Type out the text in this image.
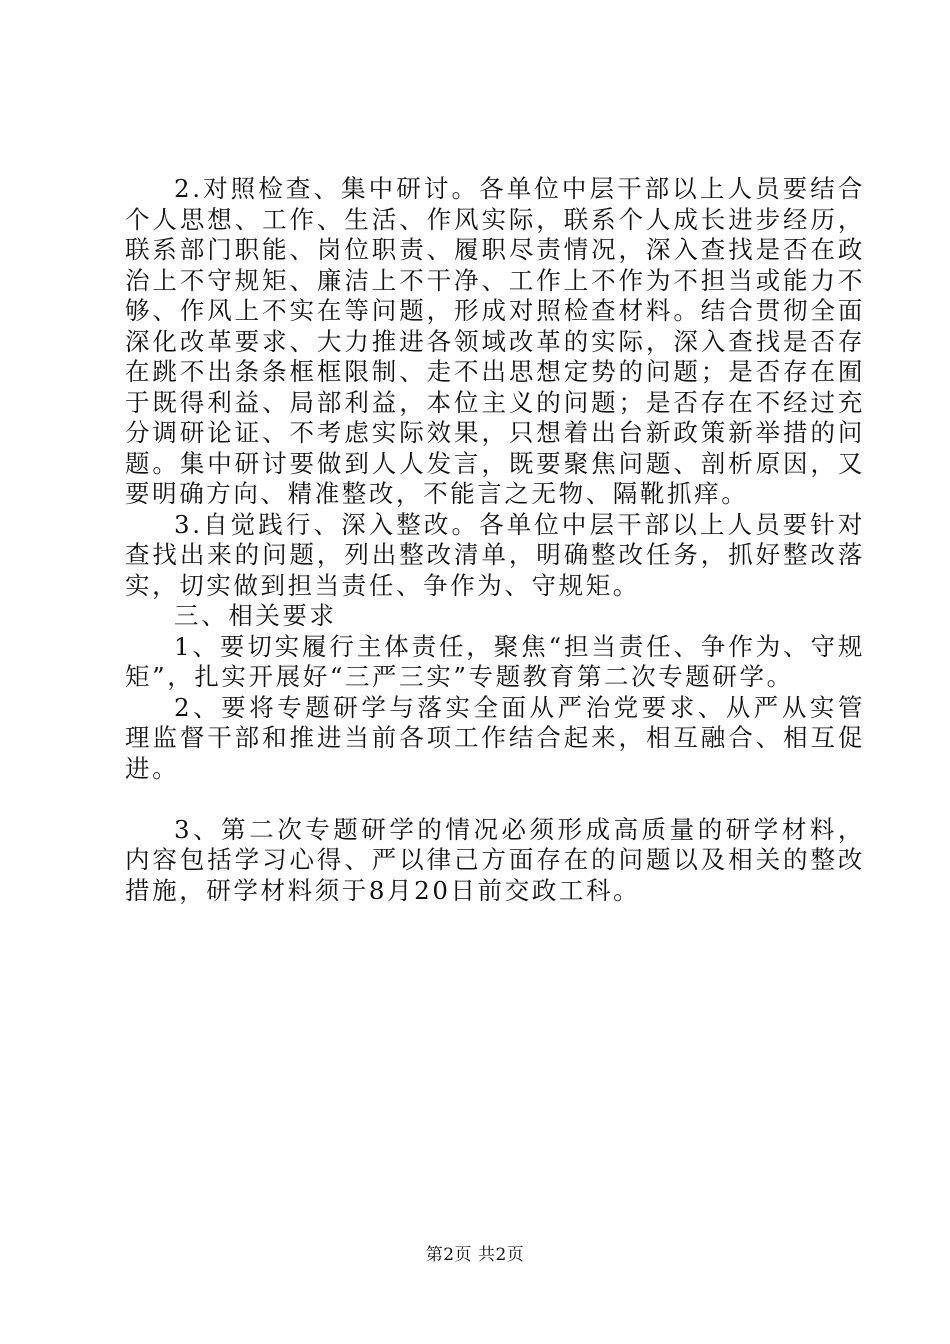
2.对照检查、集中研讨。各单位中层干部以上人员要结合个人思想、工作、生活、作风实际，联系个人成长进步经历，联系部门职能、岗位职责、履职尽责情况，深入查找是否在政治上不守规矩、廉洁上不干净、工作上不作为不担当或能力不够、作风上不实在等问题，形成对照检查材料。结合贯彻全面深化改革要求、大力推进各领域改革的实际，深入查找是否存在跳不出条条框框限制、走不出思想定势的问题；是否存在囿于既得利益、局部利益，本位主义的问题；是否存在不经过充分调研论证、不考虑实际效果，只想着出台新政策新举措的问题。集中研讨要做到人人发言，既要聚焦问题、剖析原因，又要明确方向、精准整改，不能言之无物、隔靴抓痒。

3.自觉践行、深入整改。各单位中层干部以上人员要针对查找出来的问题，列出整改清单，明确整改任务，抓好整改落实，切实做到担当责任、争作为、守规矩。

三、相关要求

1、要切实履行主体责任，聚焦“担当责任、争作为、守规矩”，扎实开展好“三严三实”专题教育第二次专题研学。

2、要将专题研学与落实全面从严治党要求、从严从实管理监督干部和推进当前各项工作结合起来，相互融合、相互促进。

3、第二次专题研学的情况必须形成高质量的研学材料，内容包括学习心得、严以律己方面存在的问题以及相关的整改措施，研学材料须于8月20日前交政工科。

第2页 共2页
